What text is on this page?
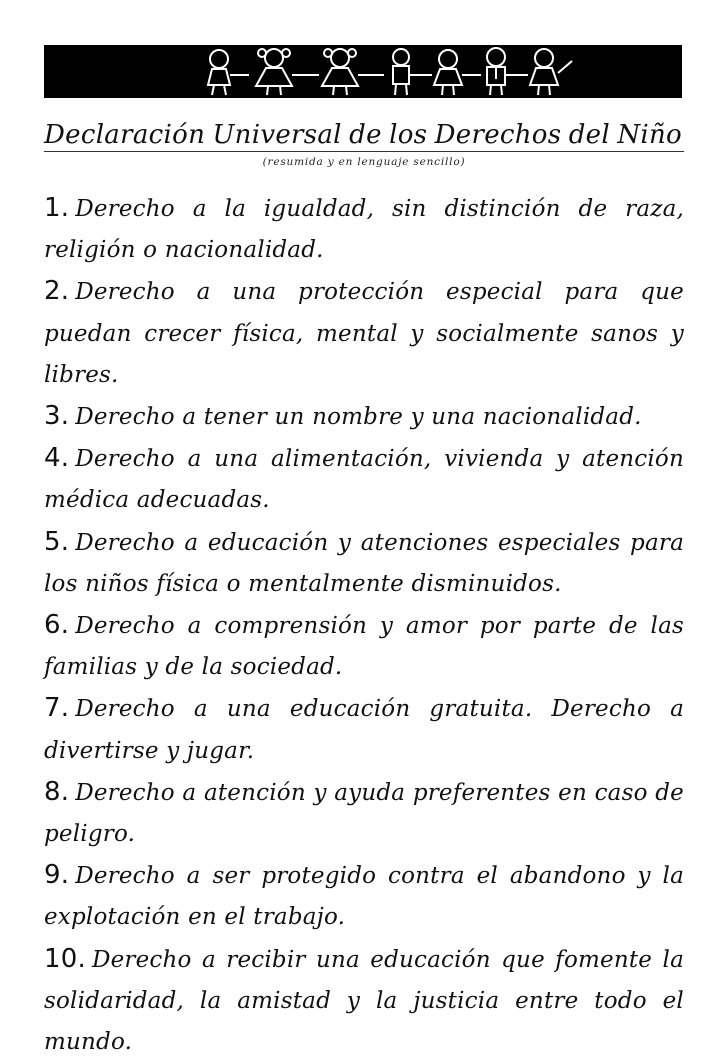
Declaración Universal de los Derechos del Niño
(resumida y en lenguaje sencillo)
1. Derecho a la igualdad, sin distinción de raza, religión o nacionalidad.
2. Derecho a una protección especial para que puedan crecer física, mental y socialmente sanos y libres.
3. Derecho a tener un nombre y una nacionalidad.
4. Derecho a una alimentación, vivienda y atención médica adecuadas.
5. Derecho a educación y atenciones especiales para los niños física o mentalmente disminuidos.
6. Derecho a comprensión y amor por parte de las familias y de la sociedad.
7. Derecho a una educación gratuita. Derecho a divertirse y jugar.
8. Derecho a atención y ayuda preferentes en caso de peligro.
9. Derecho a ser protegido contra el abandono y la explotación en el trabajo.
10. Derecho a recibir una educación que fomente la solidaridad, la amistad y la justicia entre todo el mundo.
